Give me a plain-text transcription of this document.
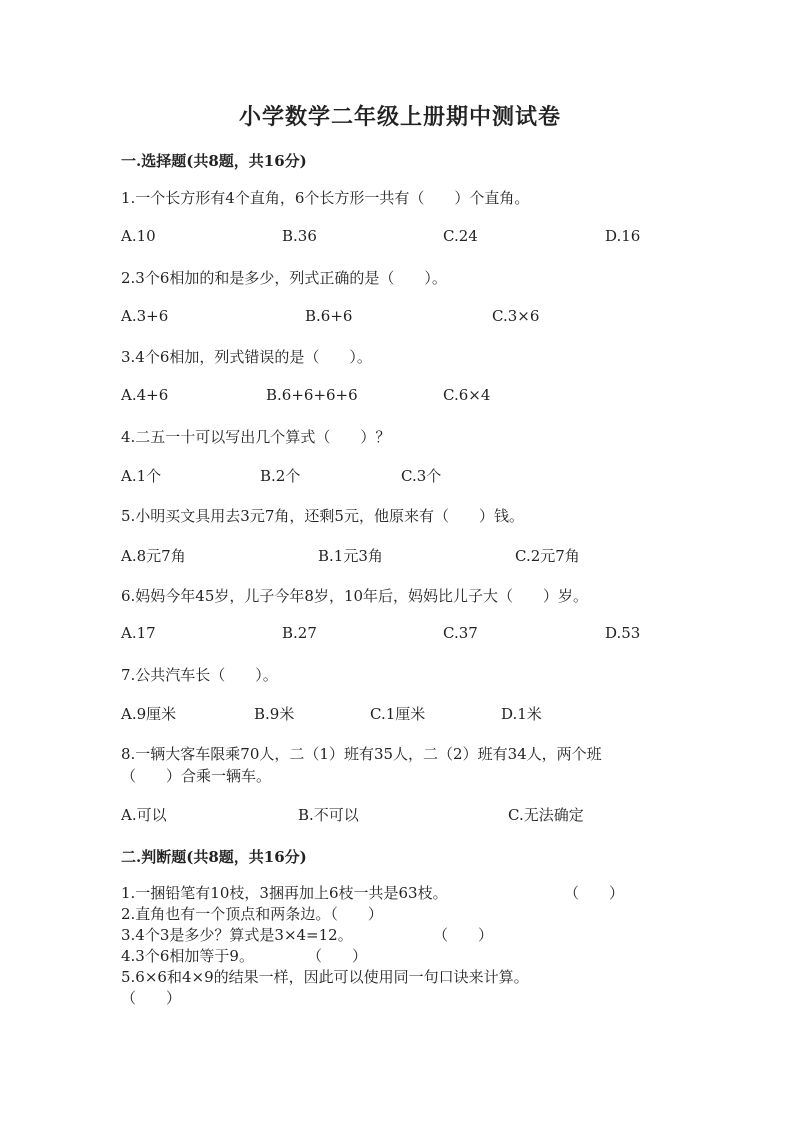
小学数学二年级上册期中测试卷
一.选择题(共8题，共16分)
1.一个长方形有4个直角，6个长方形一共有（　　）个直角。
A.10	B.36	C.24	D.16
2.3个6相加的和是多少，列式正确的是（　　）。
A.3+6	B.6+6	C.3×6
3.4个6相加，列式错误的是（　　）。
A.4+6	B.6+6+6+6	C.6×4
4.二五一十可以写出几个算式（　　）？
A.1个	B.2个	C.3个
5.小明买文具用去3元7角，还剩5元，他原来有（　　）钱。
A.8元7角	B.1元3角	C.2元7角
6.妈妈今年45岁，儿子今年8岁，10年后，妈妈比儿子大（　　）岁。
A.17	B.27	C.37	D.53
7.公共汽车长（　　）。
A.9厘米	B.9米	C.1厘米	D.1米
8.一辆大客车限乘70人，二（1）班有35人，二（2）班有34人，两个班（　　）合乘一辆车。
A.可以	B.不可以	C.无法确定
二.判断题(共8题，共16分)
1.一捆铅笔有10枝，3捆再加上6枝一共是63枝。	（　　）
2.直角也有一个顶点和两条边。（　　）
3.4个3是多少？算式是3×4=12。	（　　）
4.3个6相加等于9。	（　　）
5.6×6和4×9的结果一样，因此可以使用同一句口诀来计算。
（　　）
